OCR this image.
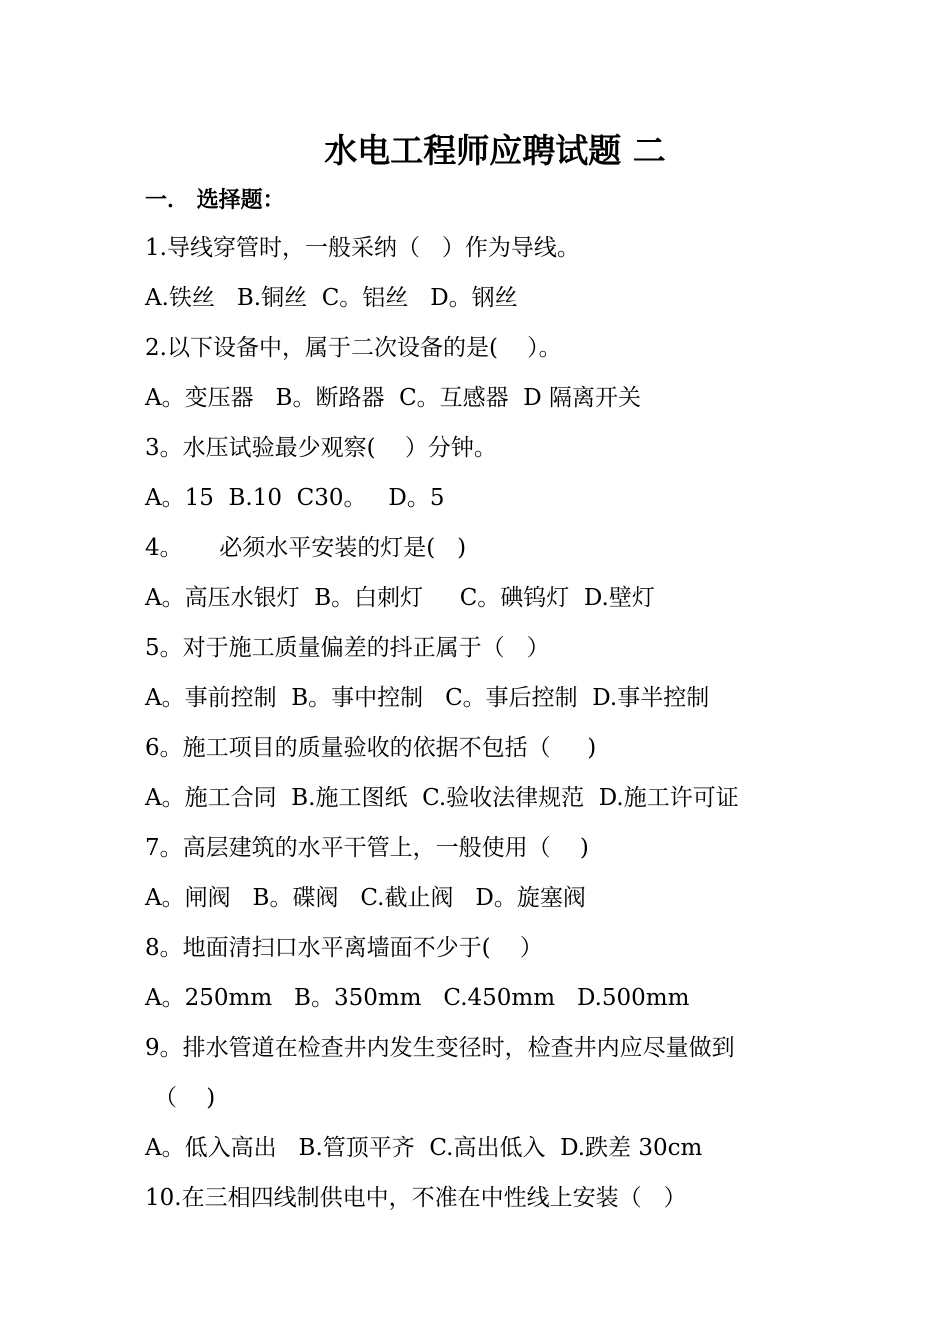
水电工程师应聘试题 二
一． 选择题：
1.导线穿管时，一般采纳（   ）作为导线。
A.铁丝   B.铜丝  C。铝丝   D。钢丝
2.以下设备中，属于二次设备的是(    ）。
A。变压器   B。断路器  C。互感器  D 隔离开关
3。水压试验最少观察(    ）分钟。
A。15  B.10  C30。   D。5
4。     必须水平安装的灯是(   )
A。高压水银灯  B。白刺灯     C。碘钨灯  D.壁灯
5。对于施工质量偏差的抖正属于（   ）
A。事前控制  B。事中控制   C。事后控制  D.事半控制
6。施工项目的质量验收的依据不包括（     )
A。施工合同  B.施工图纸  C.验收法律规范  D.施工许可证
7。高层建筑的水平干管上，一般使用（    )
A。闸阀   B。碟阀   C.截止阀   D。旋塞阀
8。地面清扫口水平离墙面不少于(    ）
A。250mm   B。350mm   C.450mm   D.500mm
9。排水管道在检查井内发生变径时，检查井内应尽量做到
（    )
A。低入高出   B.管顶平齐  C.高出低入  D.跌差 30cm
10.在三相四线制供电中，不准在中性线上安装（   ）
